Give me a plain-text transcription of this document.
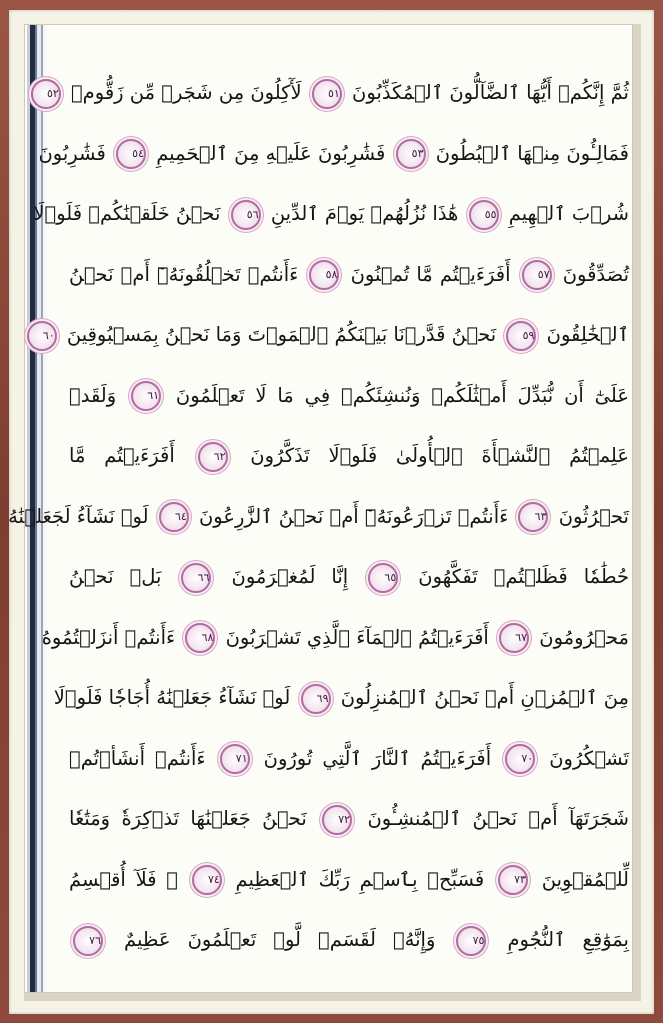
ثُمَّ إِنَّكُمۡ أَيُّهَا ٱلضَّآلُّونَ ٱلۡمُكَذِّبُونَ ٥١ لَأٓكِلُونَ مِن شَجَرٖ مِّن زَقُّومٖ ٥٢
فَمَالِـُٔونَ مِنۡهَا ٱلۡبُطُونَ ٥٣ فَشَٰرِبُونَ عَلَيۡهِ مِنَ ٱلۡحَمِيمِ ٥٤ فَشَٰرِبُونَ
شُرۡبَ ٱلۡهِيمِ ٥٥ هَٰذَا نُزُلُهُمۡ يَوۡمَ ٱلدِّينِ ٥٦ نَحۡنُ خَلَقۡنَٰكُمۡ فَلَوۡلَا
تُصَدِّقُونَ ٥٧ أَفَرَءَيۡتُم مَّا تُمۡنُونَ ٥٨ ءَأَنتُمۡ تَخۡلُقُونَهُۥٓ أَمۡ نَحۡنُ
ٱلۡخَٰلِقُونَ ٥٩ نَحۡنُ قَدَّرۡنَا بَيۡنَكُمُ ٱلۡمَوۡتَ وَمَا نَحۡنُ بِمَسۡبُوقِينَ ٦٠
عَلَىٰٓ أَن نُّبَدِّلَ أَمۡثَٰلَكُمۡ وَنُنشِئَكُمۡ فِي مَا لَا تَعۡلَمُونَ ٦١ وَلَقَدۡ
عَلِمۡتُمُ ٱلنَّشۡأَةَ ٱلۡأُولَىٰ فَلَوۡلَا تَذَكَّرُونَ ٦٢ أَفَرَءَيۡتُم مَّا
تَحۡرُثُونَ ٦٣ ءَأَنتُمۡ تَزۡرَعُونَهُۥٓ أَمۡ نَحۡنُ ٱلزَّٰرِعُونَ ٦٤ لَوۡ نَشَآءُ لَجَعَلۡنَٰهُ
حُطَٰمٗا فَظَلۡتُمۡ تَفَكَّهُونَ ٦٥ إِنَّا لَمُغۡرَمُونَ ٦٦ بَلۡ نَحۡنُ
مَحۡرُومُونَ ٦٧ أَفَرَءَيۡتُمُ ٱلۡمَآءَ ٱلَّذِي تَشۡرَبُونَ ٦٨ ءَأَنتُمۡ أَنزَلۡتُمُوهُ
مِنَ ٱلۡمُزۡنِ أَمۡ نَحۡنُ ٱلۡمُنزِلُونَ ٦٩ لَوۡ نَشَآءُ جَعَلۡنَٰهُ أُجَاجٗا فَلَوۡلَا
تَشۡكُرُونَ ٧٠ أَفَرَءَيۡتُمُ ٱلنَّارَ ٱلَّتِي تُورُونَ ٧١ ءَأَنتُمۡ أَنشَأۡتُمۡ
شَجَرَتَهَآ أَمۡ نَحۡنُ ٱلۡمُنشِـُٔونَ ٧٢ نَحۡنُ جَعَلۡنَٰهَا تَذۡكِرَةٗ وَمَتَٰعٗا
لِّلۡمُقۡوِينَ ٧٣ فَسَبِّحۡ بِٱسۡمِ رَبِّكَ ٱلۡعَظِيمِ ٧٤ ۞ فَلَآ أُقۡسِمُ
بِمَوَٰقِعِ ٱلنُّجُومِ ٧٥ وَإِنَّهُۥ لَقَسَمٞ لَّوۡ تَعۡلَمُونَ عَظِيمٌ ٧٦
